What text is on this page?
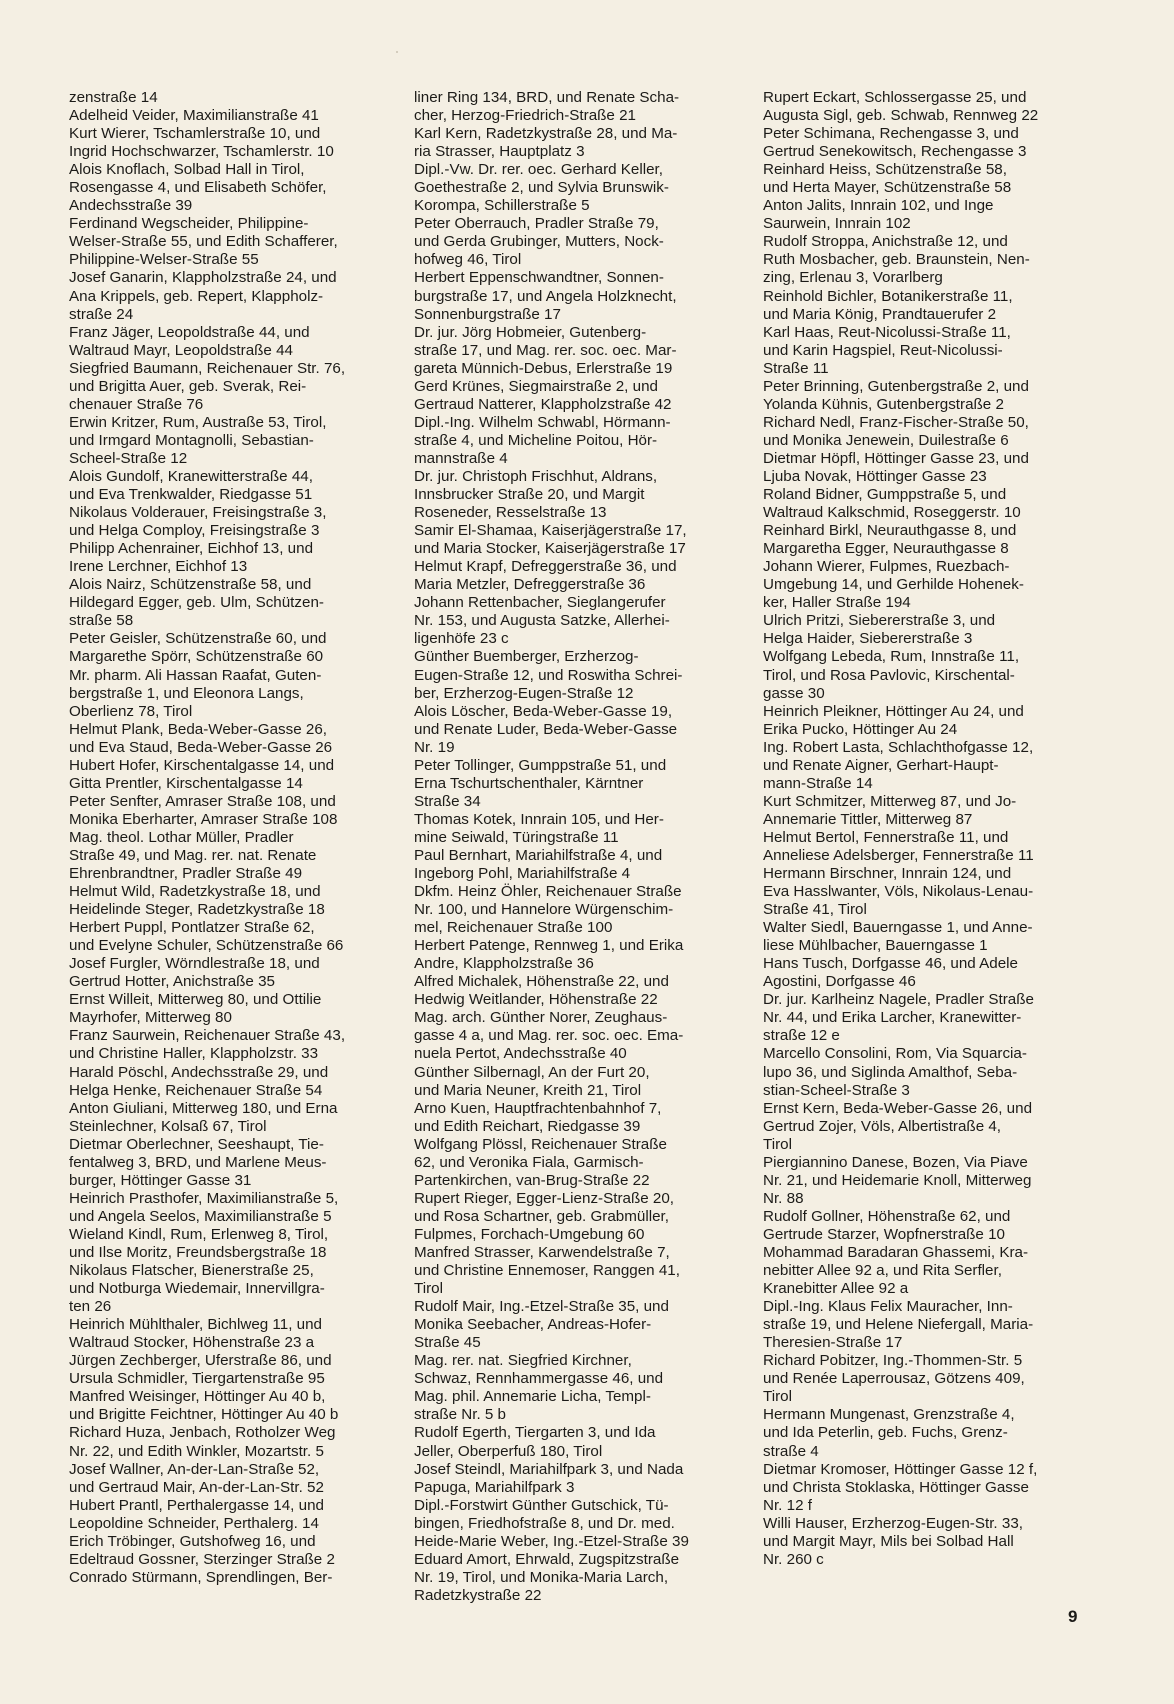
zenstraße 14
Adelheid Veider, Maximilianstraße 41
Kurt Wierer, Tschamlerstraße 10, und
Ingrid Hochschwarzer, Tschamlerstr. 10
Alois Knoflach, Solbad Hall in Tirol,
Rosengasse 4, und Elisabeth Schöfer,
Andechsstraße 39
Ferdinand Wegscheider, Philippine-
Welser-Straße 55, und Edith Schafferer,
Philippine-Welser-Straße 55
Josef Ganarin, Klappholzstraße 24, und
Ana Krippels, geb. Repert, Klappholz-
straße 24
Franz Jäger, Leopoldstraße 44, und
Waltraud Mayr, Leopoldstraße 44
Siegfried Baumann, Reichenauer Str. 76,
und Brigitta Auer, geb. Sverak, Rei-
chenauer Straße 76
Erwin Kritzer, Rum, Austraße 53, Tirol,
und Irmgard Montagnolli, Sebastian-
Scheel-Straße 12
Alois Gundolf, Kranewitterstraße 44,
und Eva Trenkwalder, Riedgasse 51
Nikolaus Volderauer, Freisingstraße 3,
und Helga Comploy, Freisingstraße 3
Philipp Achenrainer, Eichhof 13, und
Irene Lerchner, Eichhof 13
Alois Nairz, Schützenstraße 58, und
Hildegard Egger, geb. Ulm, Schützen-
straße 58
Peter Geisler, Schützenstraße 60, und
Margarethe Spörr, Schützenstraße 60
Mr. pharm. Ali Hassan Raafat, Guten-
bergstraße 1, und Eleonora Langs,
Oberlienz 78, Tirol
Helmut Plank, Beda-Weber-Gasse 26,
und Eva Staud, Beda-Weber-Gasse 26
Hubert Hofer, Kirschentalgasse 14, und
Gitta Prentler, Kirschentalgasse 14
Peter Senfter, Amraser Straße 108, und
Monika Eberharter, Amraser Straße 108
Mag. theol. Lothar Müller, Pradler
Straße 49, und Mag. rer. nat. Renate
Ehrenbrandtner, Pradler Straße 49
Helmut Wild, Radetzkystraße 18, und
Heidelinde Steger, Radetzkystraße 18
Herbert Puppl, Pontlatzer Straße 62,
und Evelyne Schuler, Schützenstraße 66
Josef Furgler, Wörndlestraße 18, und
Gertrud Hotter, Anichstraße 35
Ernst Willeit, Mitterweg 80, und Ottilie
Mayrhofer, Mitterweg 80
Franz Saurwein, Reichenauer Straße 43,
und Christine Haller, Klappholzstr. 33
Harald Pöschl, Andechsstraße 29, und
Helga Henke, Reichenauer Straße 54
Anton Giuliani, Mitterweg 180, und Erna
Steinlechner, Kolsaß 67, Tirol
Dietmar Oberlechner, Seeshaupt, Tie-
fentalweg 3, BRD, und Marlene Meus-
burger, Höttinger Gasse 31
Heinrich Prasthofer, Maximilianstraße 5,
und Angela Seelos, Maximilianstraße 5
Wieland Kindl, Rum, Erlenweg 8, Tirol,
und Ilse Moritz, Freundsbergstraße 18
Nikolaus Flatscher, Bienerstraße 25,
und Notburga Wiedemair, Innervillgra-
ten 26
Heinrich Mühlthaler, Bichlweg 11, und
Waltraud Stocker, Höhenstraße 23 a
Jürgen Zechberger, Uferstraße 86, und
Ursula Schmidler, Tiergartenstraße 95
Manfred Weisinger, Höttinger Au 40 b,
und Brigitte Feichtner, Höttinger Au 40 b
Richard Huza, Jenbach, Rotholzer Weg
Nr. 22, und Edith Winkler, Mozartstr. 5
Josef Wallner, An-der-Lan-Straße 52,
und Gertraud Mair, An-der-Lan-Str. 52
Hubert Prantl, Perthalergasse 14, und
Leopoldine Schneider, Perthalerg. 14
Erich Tröbinger, Gutshofweg 16, und
Edeltraud Gossner, Sterzinger Straße 2
Conrado Stürmann, Sprendlingen, Ber-
liner Ring 134, BRD, und Renate Scha-
cher, Herzog-Friedrich-Straße 21
Karl Kern, Radetzkystraße 28, und Ma-
ria Strasser, Hauptplatz 3
Dipl.-Vw. Dr. rer. oec. Gerhard Keller,
Goethestraße 2, und Sylvia Brunswik-
Korompa, Schillerstraße 5
Peter Oberrauch, Pradler Straße 79,
und Gerda Grubinger, Mutters, Nock-
hofweg 46, Tirol
Herbert Eppenschwandtner, Sonnen-
burgstraße 17, und Angela Holzknecht,
Sonnenburgstraße 17
Dr. jur. Jörg Hobmeier, Gutenberg-
straße 17, und Mag. rer. soc. oec. Mar-
gareta Münnich-Debus, Erlerstraße 19
Gerd Krünes, Siegmairstraße 2, und
Gertraud Natterer, Klappholzstraße 42
Dipl.-Ing. Wilhelm Schwabl, Hörmann-
straße 4, und Micheline Poitou, Hör-
mannstraße 4
Dr. jur. Christoph Frischhut, Aldrans,
Innsbrucker Straße 20, und Margit
Roseneder, Resselstraße 13
Samir El-Shamaa, Kaiserjägerstraße 17,
und Maria Stocker, Kaiserjägerstraße 17
Helmut Krapf, Defreggerstraße 36, und
Maria Metzler, Defreggerstraße 36
Johann Rettenbacher, Sieglangerufer
Nr. 153, und Augusta Satzke, Allerhei-
ligenhöfe 23 c
Günther Buemberger, Erzherzog-
Eugen-Straße 12, und Roswitha Schrei-
ber, Erzherzog-Eugen-Straße 12
Alois Löscher, Beda-Weber-Gasse 19,
und Renate Luder, Beda-Weber-Gasse
Nr. 19
Peter Tollinger, Gumppstraße 51, und
Erna Tschurtschenthaler, Kärntner
Straße 34
Thomas Kotek, Innrain 105, und Her-
mine Seiwald, Türingstraße 11
Paul Bernhart, Mariahilfstraße 4, und
Ingeborg Pohl, Mariahilfstraße 4
Dkfm. Heinz Öhler, Reichenauer Straße
Nr. 100, und Hannelore Würgenschim-
mel, Reichenauer Straße 100
Herbert Patenge, Rennweg 1, und Erika
Andre, Klappholzstraße 36
Alfred Michalek, Höhenstraße 22, und
Hedwig Weitlander, Höhenstraße 22
Mag. arch. Günther Norer, Zeughaus-
gasse 4 a, und Mag. rer. soc. oec. Ema-
nuela Pertot, Andechsstraße 40
Günther Silbernagl, An der Furt 20,
und Maria Neuner, Kreith 21, Tirol
Arno Kuen, Hauptfrachtenbahnhof 7,
und Edith Reichart, Riedgasse 39
Wolfgang Plössl, Reichenauer Straße
62, und Veronika Fiala, Garmisch-
Partenkirchen, van-Brug-Straße 22
Rupert Rieger, Egger-Lienz-Straße 20,
und Rosa Schartner, geb. Grabmüller,
Fulpmes, Forchach-Umgebung 60
Manfred Strasser, Karwendelstraße 7,
und Christine Ennemoser, Ranggen 41,
Tirol
Rudolf Mair, Ing.-Etzel-Straße 35, und
Monika Seebacher, Andreas-Hofer-
Straße 45
Mag. rer. nat. Siegfried Kirchner,
Schwaz, Rennhammergasse 46, und
Mag. phil. Annemarie Licha, Templ-
straße Nr. 5 b
Rudolf Egerth, Tiergarten 3, und Ida
Jeller, Oberperfuß 180, Tirol
Josef Steindl, Mariahilfpark 3, und Nada
Papuga, Mariahilfpark 3
Dipl.-Forstwirt Günther Gutschick, Tü-
bingen, Friedhofstraße 8, und Dr. med.
Heide-Marie Weber, Ing.-Etzel-Straße 39
Eduard Amort, Ehrwald, Zugspitzstraße
Nr. 19, Tirol, und Monika-Maria Larch,
Radetzkystraße 22
Rupert Eckart, Schlossergasse 25, und
Augusta Sigl, geb. Schwab, Rennweg 22
Peter Schimana, Rechengasse 3, und
Gertrud Senekowitsch, Rechengasse 3
Reinhard Heiss, Schützenstraße 58,
und Herta Mayer, Schützenstraße 58
Anton Jalits, Innrain 102, und Inge
Saurwein, Innrain 102
Rudolf Stroppa, Anichstraße 12, und
Ruth Mosbacher, geb. Braunstein, Nen-
zing, Erlenau 3, Vorarlberg
Reinhold Bichler, Botanikerstraße 11,
und Maria König, Prandtauerufer 2
Karl Haas, Reut-Nicolussi-Straße 11,
und Karin Hagspiel, Reut-Nicolussi-
Straße 11
Peter Brinning, Gutenbergstraße 2, und
Yolanda Kühnis, Gutenbergstraße 2
Richard Nedl, Franz-Fischer-Straße 50,
und Monika Jenewein, Duilestraße 6
Dietmar Höpfl, Höttinger Gasse 23, und
Ljuba Novak, Höttinger Gasse 23
Roland Bidner, Gumppstraße 5, und
Waltraud Kalkschmid, Roseggerstr. 10
Reinhard Birkl, Neurauthgasse 8, und
Margaretha Egger, Neurauthgasse 8
Johann Wierer, Fulpmes, Ruezbach-
Umgebung 14, und Gerhilde Hohenek-
ker, Haller Straße 194
Ulrich Pritzi, Siebererstraße 3, und
Helga Haider, Siebererstraße 3
Wolfgang Lebeda, Rum, Innstraße 11,
Tirol, und Rosa Pavlovic, Kirschental-
gasse 30
Heinrich Pleikner, Höttinger Au 24, und
Erika Pucko, Höttinger Au 24
Ing. Robert Lasta, Schlachthofgasse 12,
und Renate Aigner, Gerhart-Haupt-
mann-Straße 14
Kurt Schmitzer, Mitterweg 87, und Jo-
Annemarie Tittler, Mitterweg 87
Helmut Bertol, Fennerstraße 11, und
Anneliese Adelsberger, Fennerstraße 11
Hermann Birschner, Innrain 124, und
Eva Hasslwanter, Völs, Nikolaus-Lenau-
Straße 41, Tirol
Walter Siedl, Bauerngasse 1, und Anne-
liese Mühlbacher, Bauerngasse 1
Hans Tusch, Dorfgasse 46, und Adele
Agostini, Dorfgasse 46
Dr. jur. Karlheinz Nagele, Pradler Straße
Nr. 44, und Erika Larcher, Kranewitter-
straße 12 e
Marcello Consolini, Rom, Via Squarcia-
lupo 36, und Siglinda Amalthof, Seba-
stian-Scheel-Straße 3
Ernst Kern, Beda-Weber-Gasse 26, und
Gertrud Zojer, Völs, Albertistraße 4,
Tirol
Piergiannino Danese, Bozen, Via Piave
Nr. 21, und Heidemarie Knoll, Mitterweg
Nr. 88
Rudolf Gollner, Höhenstraße 62, und
Gertrude Starzer, Wopfnerstraße 10
Mohammad Baradaran Ghassemi, Kra-
nebitter Allee 92 a, und Rita Serfler,
Kranebitter Allee 92 a
Dipl.-Ing. Klaus Felix Mauracher, Inn-
straße 19, und Helene Niefergall, Maria-
Theresien-Straße 17
Richard Pobitzer, Ing.-Thommen-Str. 5
und Renée Laperrousaz, Götzens 409,
Tirol
Hermann Mungenast, Grenzstraße 4,
und Ida Peterlin, geb. Fuchs, Grenz-
straße 4
Dietmar Kromoser, Höttinger Gasse 12 f,
und Christa Stoklaska, Höttinger Gasse
Nr. 12 f
Willi Hauser, Erzherzog-Eugen-Str. 33,
und Margit Mayr, Mils bei Solbad Hall
Nr. 260 c
9
